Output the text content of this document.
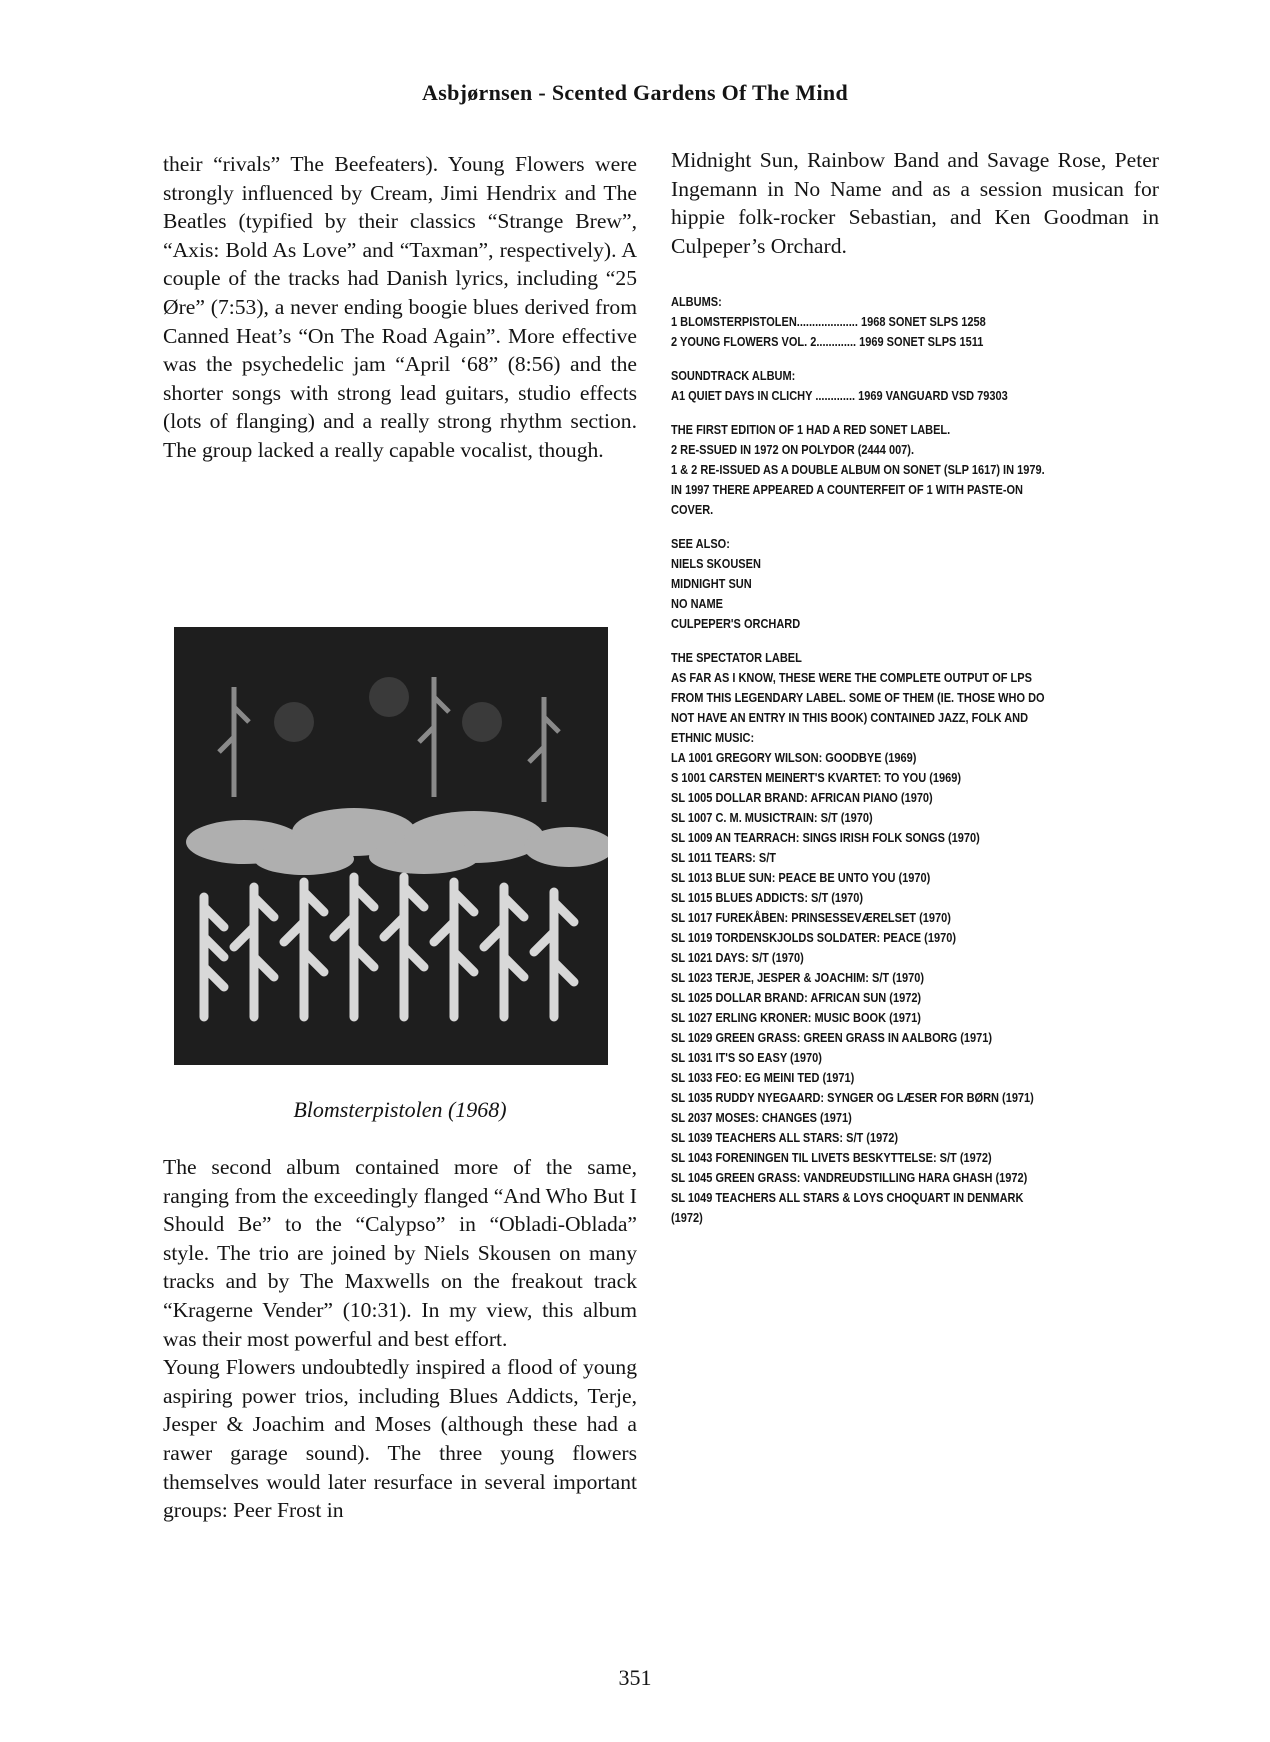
Asbjørnsen - Scented Gardens Of The Mind

their “rivals” The Beefeaters). Young Flowers were strongly influenced by Cream, Jimi Hendrix and The Beatles (typified by their classics “Strange Brew”, “Axis: Bold As Love” and “Taxman”, respectively). A couple of the tracks had Danish lyrics, including “25 Øre” (7:53), a never ending boogie blues derived from Canned Heat’s “On The Road Again”. More effective was the psychedelic jam “April ‘68” (8:56) and the shorter songs with strong lead guitars, studio effects (lots of flanging) and a really strong rhythm section. The group lacked a really capable vocalist, though.

Blomsterpistolen (1968)

The second album contained more of the same, ranging from the exceedingly flanged “And Who But I Should Be” to the “Calypso” in “Obladi-Oblada” style. The trio are joined by Niels Skousen on many tracks and by The Maxwells on the freakout track “Kragerne Vender” (10:31). In my view, this album was their most powerful and best effort.

Young Flowers undoubtedly inspired a flood of young aspiring power trios, including Blues Addicts, Terje, Jesper & Joachim and Moses (although these had a rawer garage sound). The three young flowers themselves would later resurface in several important groups: Peer Frost in

Midnight Sun, Rainbow Band and Savage Rose, Peter Ingemann in No Name and as a session musican for hippie folk-rocker Sebastian, and Ken Goodman in Culpeper’s Orchard.

ALBUMS:
1 BLOMSTERPISTOLEN.................... 1968 SONET SLPS 1258
2 YOUNG FLOWERS VOL. 2............. 1969 SONET SLPS 1511
SOUNDTRACK ALBUM:
A1 QUIET DAYS IN CLICHY ............. 1969 VANGUARD VSD 79303
THE FIRST EDITION OF 1 HAD A RED SONET LABEL.
2 RE-SSUED IN 1972 ON POLYDOR (2444 007).
1 & 2 RE-ISSUED AS A DOUBLE ALBUM ON SONET (SLP 1617) IN 1979.
IN 1997 THERE APPEARED A COUNTERFEIT OF 1 WITH PASTE-ON
COVER.
SEE ALSO:
NIELS SKOUSEN
MIDNIGHT SUN
NO NAME
CULPEPER'S ORCHARD
THE SPECTATOR LABEL
AS FAR AS I KNOW, THESE WERE THE COMPLETE OUTPUT OF LPS
FROM THIS LEGENDARY LABEL. SOME OF THEM (IE. THOSE WHO DO
NOT HAVE AN ENTRY IN THIS BOOK) CONTAINED JAZZ, FOLK AND
ETHNIC MUSIC:
LA 1001 GREGORY WILSON: GOODBYE (1969)
S 1001 CARSTEN MEINERT'S KVARTET: TO YOU (1969)
SL 1005 DOLLAR BRAND: AFRICAN PIANO (1970)
SL 1007 C. M. MUSICTRAIN: S/T (1970)
SL 1009 AN TEARRACH: SINGS IRISH FOLK SONGS (1970)
SL 1011 TEARS: S/T
SL 1013 BLUE SUN: PEACE BE UNTO YOU (1970)
SL 1015 BLUES ADDICTS: S/T (1970)
SL 1017 FUREKÅBEN: PRINSESSEVÆRELSET (1970)
SL 1019 TORDENSKJOLDS SOLDATER: PEACE (1970)
SL 1021 DAYS: S/T (1970)
SL 1023 TERJE, JESPER & JOACHIM: S/T (1970)
SL 1025 DOLLAR BRAND: AFRICAN SUN (1972)
SL 1027 ERLING KRONER: MUSIC BOOK (1971)
SL 1029 GREEN GRASS: GREEN GRASS IN AALBORG (1971)
SL 1031 IT'S SO EASY (1970)
SL 1033 FEO: EG MEINI TED (1971)
SL 1035 RUDDY NYEGAARD: SYNGER OG LÆSER FOR BØRN (1971)
SL 2037 MOSES: CHANGES (1971)
SL 1039 TEACHERS ALL STARS: S/T (1972)
SL 1043 FORENINGEN TIL LIVETS BESKYTTELSE: S/T (1972)
SL 1045 GREEN GRASS: VANDREUDSTILLING HARA GHASH (1972)
SL 1049 TEACHERS ALL STARS & LOYS CHOQUART IN DENMARK
(1972)
351
